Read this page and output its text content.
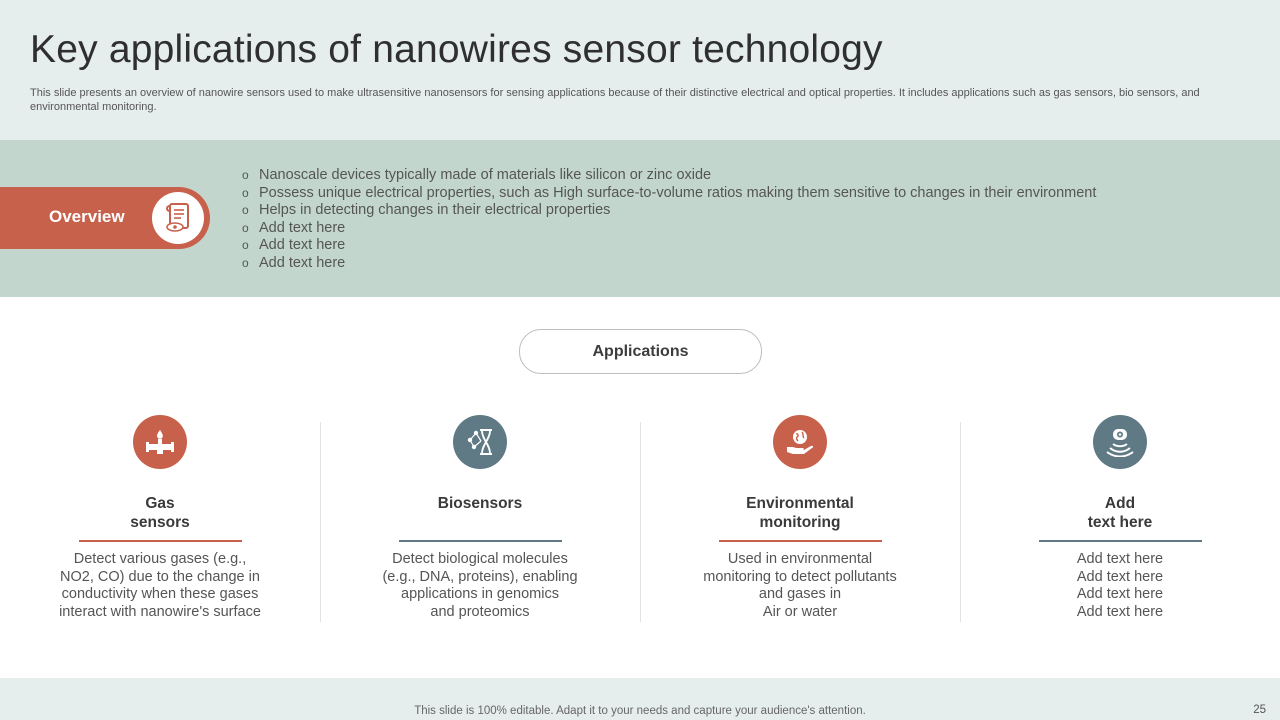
Key applications of nanowires sensor technology

This slide presents an overview of nanowire sensors used to make ultrasensitive nanosensors for sensing applications because of their distinctive electrical and optical properties. It includes applications such as gas sensors, bio sensors, and environmental monitoring.

Overview
o Nanoscale devices typically made of materials like silicon or zinc oxide
o Possess unique electrical properties, such as High surface-to-volume ratios making them sensitive to changes in their environment
o Helps in detecting changes in their electrical properties
o Add text here
o Add text here
o Add text here
Applications
Gas
sensors
Detect various gases (e.g.,
NO2, CO) due to the change in
conductivity when these gases
interact with nanowire's surface
Biosensors
Detect biological molecules
(e.g., DNA, proteins), enabling
applications in genomics
and proteomics
Environmental
monitoring
Used in environmental
monitoring to detect pollutants
and gases in
Air or water
Add
text here
Add text here
Add text here
Add text here
Add text here
This slide is 100% editable. Adapt it to your needs and capture your audience's attention.	25
